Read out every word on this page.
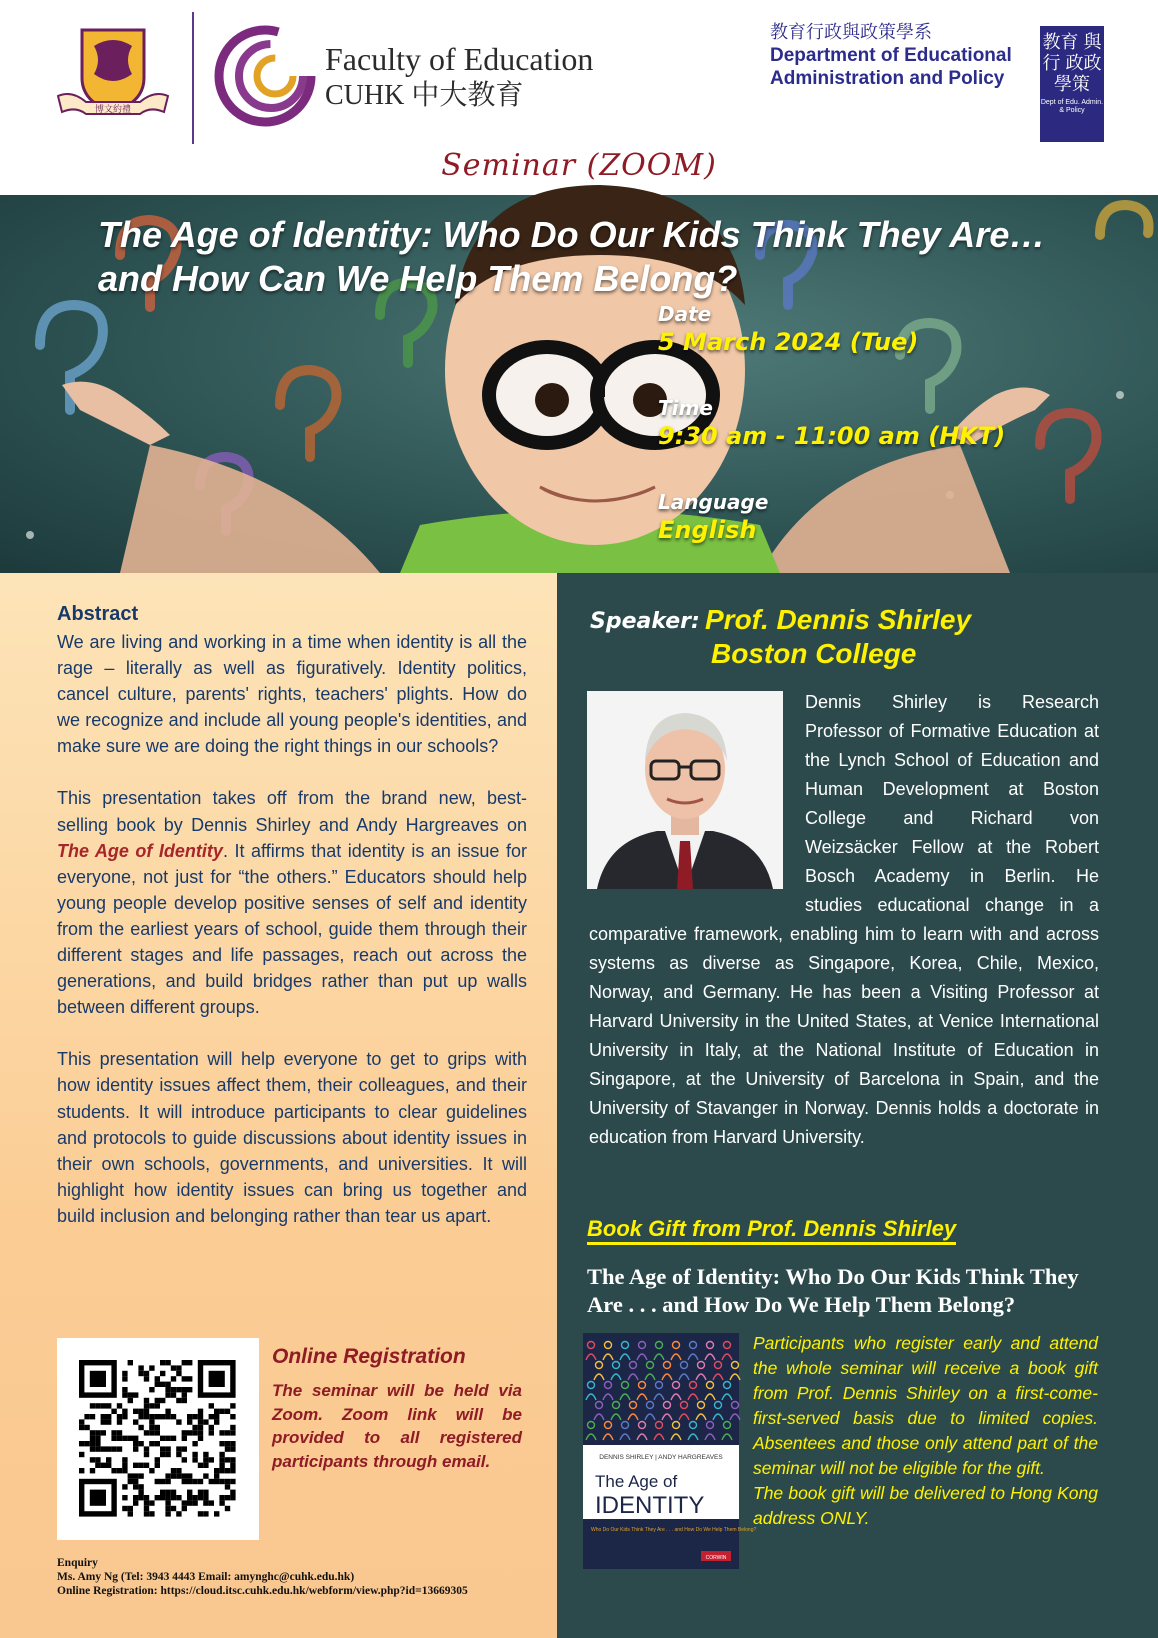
博文約禮
Faculty of Education
CUHK 中大教育
教育行政與政策學系
Department of Educational
Administration and Policy
教育 與行 政政 學策
Dept of Edu. Admin. & Policy
Seminar (ZOOM)
The Age of Identity: Who Do Our Kids Think They Are…and How Can We Help Them Belong?
Date
5 March 2024 (Tue)
Time
9:30 am - 11:00 am (HKT)
Language
English
Abstract

We are living and working in a time when identity is all the rage – literally as well as figuratively. Identity politics, cancel culture, parents' rights, teachers' plights. How do we recognize and include all young people's identities, and make sure we are doing the right things in our schools?

This presentation takes off from the brand new, best-selling book by Dennis Shirley and Andy Hargreaves on The Age of Identity. It affirms that identity is an issue for everyone, not just for “the others.” Educators should help young people develop positive senses of self and identity from the earliest years of school, guide them through their different stages and life passages, reach out across the generations, and build bridges rather than put up walls between different groups.

This presentation will help everyone to get to grips with how identity issues affect them, their colleagues, and their students. It will introduce participants to clear guidelines and protocols to guide discussions about identity issues in their own schools, governments, and universities. It will highlight how identity issues can bring us together and build inclusion and belonging rather than tear us apart.

Online Registration
The seminar will be held via Zoom. Zoom link will be provided to all registered participants through email.
Enquiry
Ms. Amy Ng (Tel: 3943 4443 Email: amynghc@cuhk.edu.hk)
Online Registration: https://cloud.itsc.cuhk.edu.hk/webform/view.php?id=13669305
Speaker: Prof. Dennis Shirley
Boston College
Dennis Shirley is Research Professor of Formative Education at the Lynch School of Education and Human Development at Boston College and Richard von Weizsäcker Fellow at the Robert Bosch Academy in Berlin. He studies educational change in a comparative framework, enabling him to learn with and across systems as diverse as Singapore, Korea, Chile, Mexico, Norway, and Germany. He has been a Visiting Professor at Harvard University in the United States, at Venice International University in Italy, at the National Institute of Education in Singapore, at the University of Barcelona in Spain, and the University of Stavanger in Norway. Dennis holds a doctorate in education from Harvard University.
Book Gift from Prof. Dennis Shirley
The Age of Identity: Who Do Our Kids Think They Are . . . and How Do We Help Them Belong?
DENNIS SHIRLEY | ANDY HARGREAVES
The Age of
IDENTITY
Who Do Our Kids Think They Are . . . and How Do We Help Them Belong?
CORWIN

Participants who register early and attend the whole seminar will receive a book gift from Prof. Dennis Shirley on a first-come-first-served basis due to limited copies. Absentees and those only attend part of the seminar will not be eligible for the gift.

The book gift will be delivered to Hong Kong address ONLY.
